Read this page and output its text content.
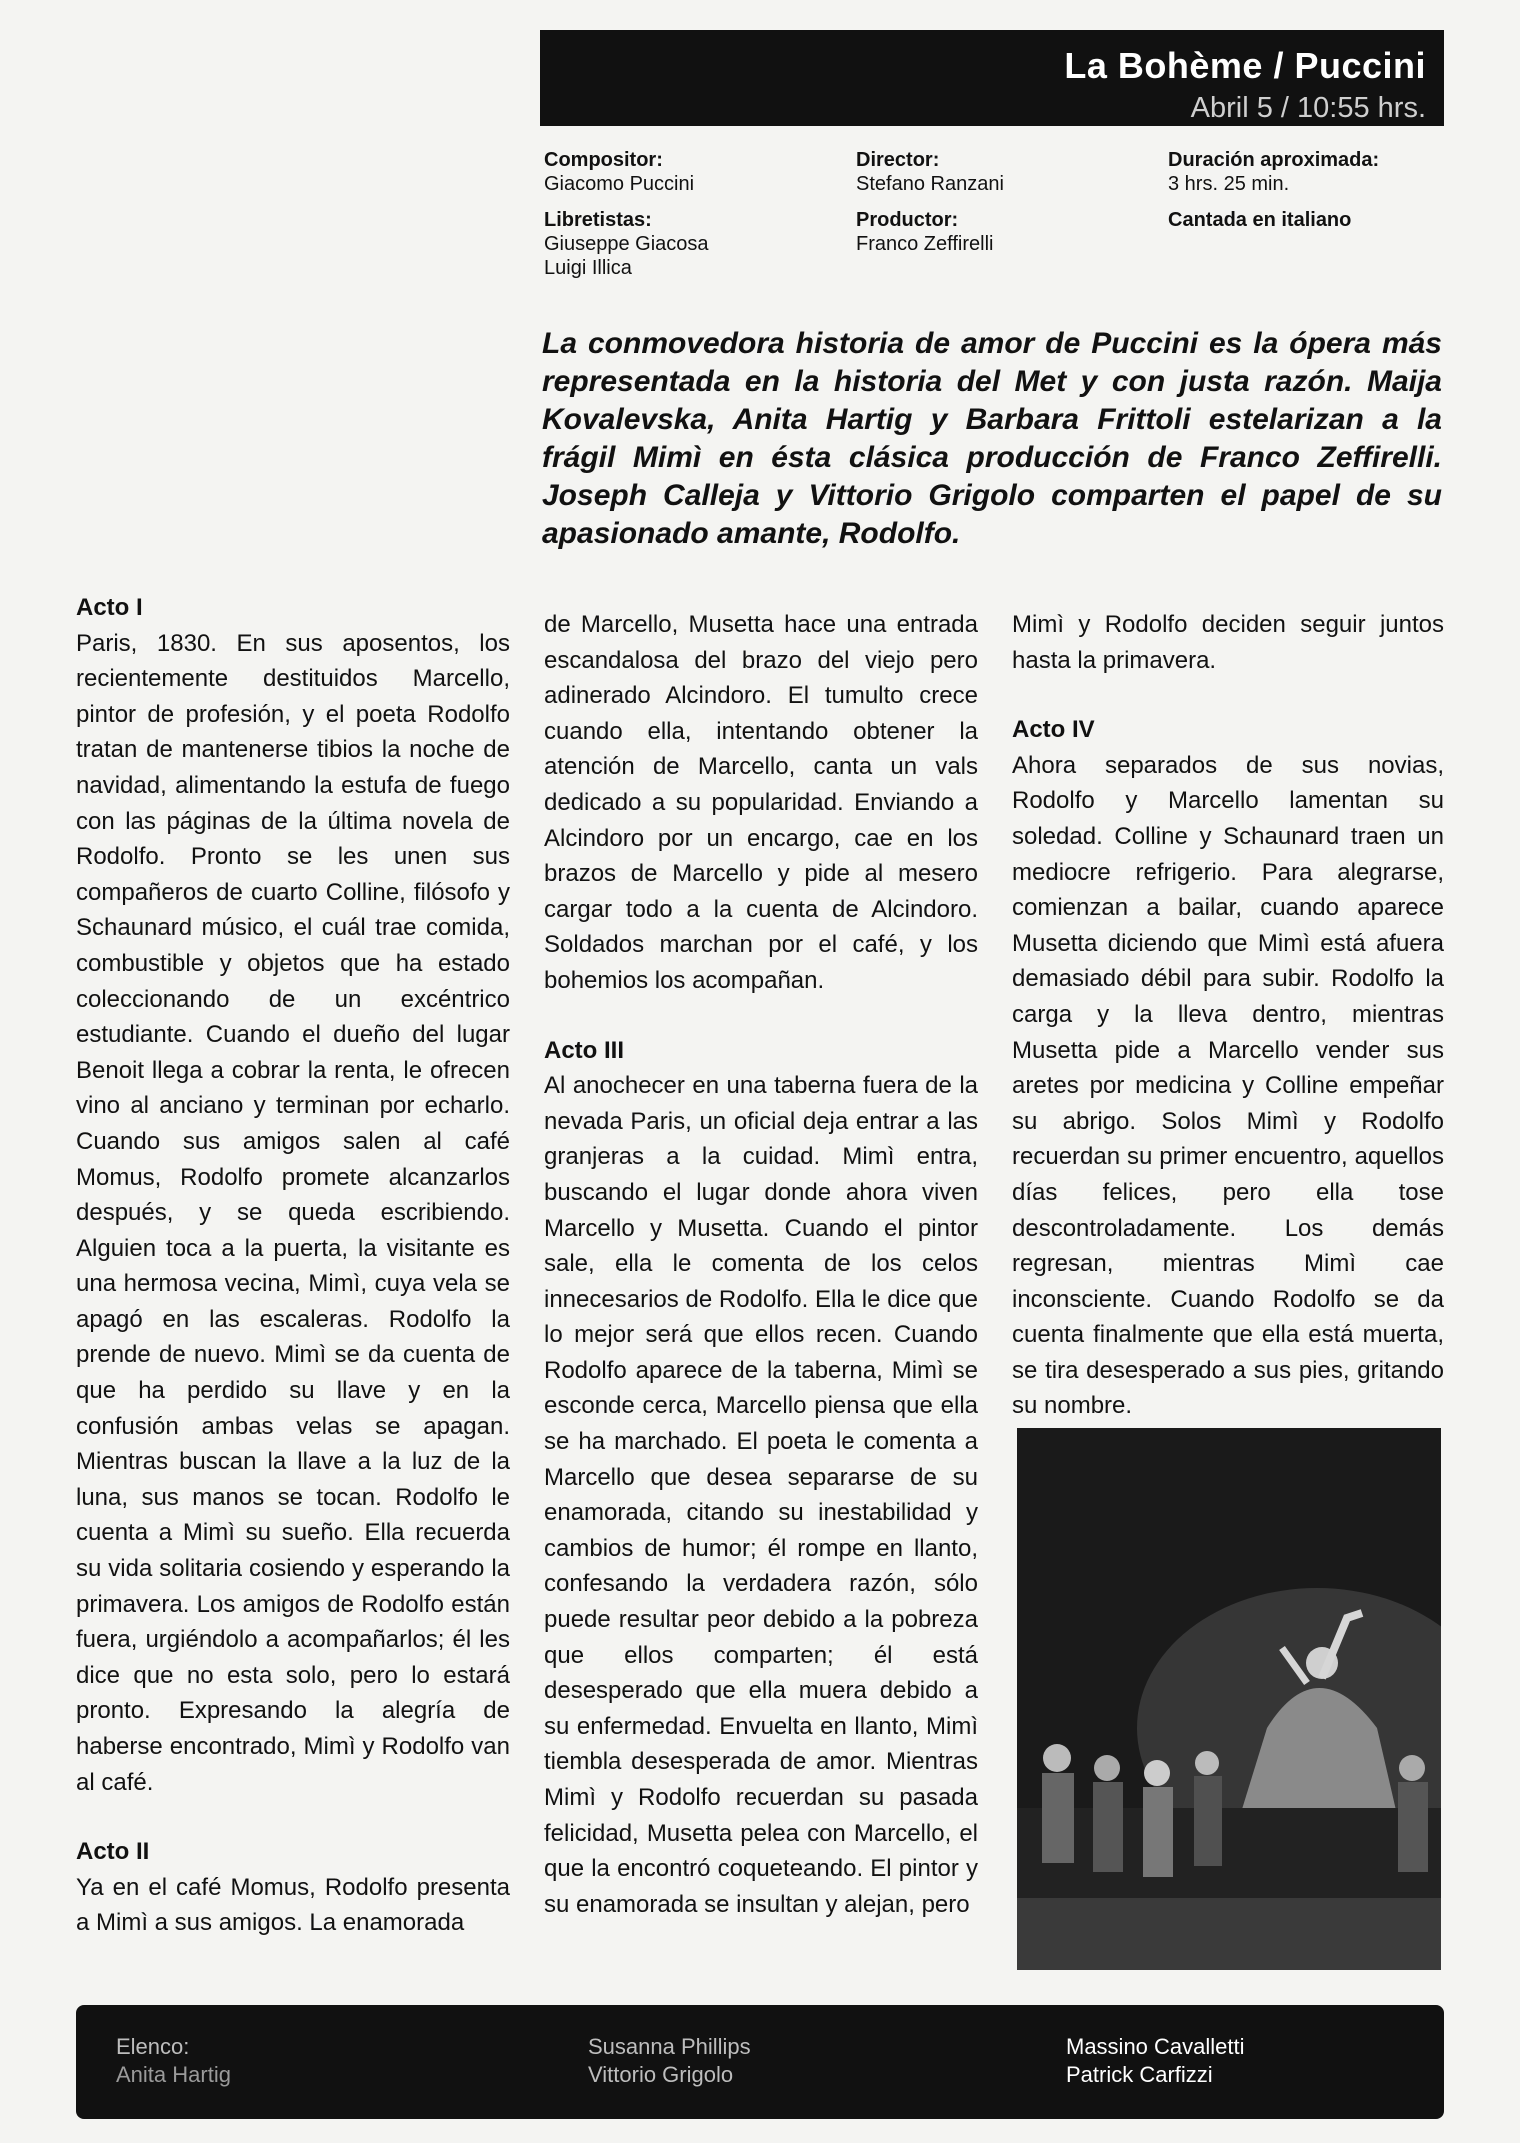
La Bohème / Puccini
Abril 5 / 10:55 hrs.
Compositor:
Giacomo Puccini
Libretistas:
Giuseppe Giacosa
Luigi Illica
Director:
Stefano Ranzani
Productor:
Franco Zeffirelli
Duración aproximada:
3 hrs. 25 min.
Cantada en italiano
La conmovedora historia de amor de Puccini es la ópera más representada en la historia del Met y con justa razón. Maija Kovalevska, Anita Hartig y Barbara Frittoli estelarizan a la frágil Mimì en ésta clásica producción de Franco Zeffirelli. Joseph Calleja y Vittorio Grigolo comparten el papel de su apasionado amante, Rodolfo.

Acto I

Paris, 1830. En sus aposentos, los recientemente destituidos Marcello, pintor de profesión, y el poeta Rodolfo tratan de mantenerse tibios la noche de navidad, alimentando la estufa de fuego con las páginas de la última novela de Rodolfo. Pronto se les unen sus compañeros de cuarto Colline, filósofo y Schaunard músico, el cuál trae comida, combustible y objetos que ha estado coleccionando de un excéntrico estudiante. Cuando el dueño del lugar Benoit llega a cobrar la renta, le ofrecen vino al anciano y terminan por echarlo. Cuando sus amigos salen al café Momus, Rodolfo promete alcanzarlos después, y se queda escribiendo. Alguien toca a la puerta, la visitante es una hermosa vecina, Mimì, cuya vela se apagó en las escaleras. Rodolfo la prende de nuevo. Mimì se da cuenta de que ha perdido su llave y en la confusión ambas velas se apagan. Mientras buscan la llave a la luz de la luna, sus manos se tocan. Rodolfo le cuenta a Mimì su sueño. Ella recuerda su vida solitaria cosiendo y esperando la primavera. Los amigos de Rodolfo están fuera, urgiéndolo a acompañarlos; él les dice que no esta solo, pero lo estará pronto. Expresando la alegría de haberse encontrado, Mimì y Rodolfo van al café.

Acto II

Ya en el café Momus, Rodolfo presenta a Mimì a sus amigos. La enamorada

de Marcello, Musetta hace una entrada escandalosa del brazo del viejo pero adinerado Alcindoro. El tumulto crece cuando ella, intentando obtener la atención de Marcello, canta un vals dedicado a su popularidad. Enviando a Alcindoro por un encargo, cae en los brazos de Marcello y pide al mesero cargar todo a la cuenta de Alcindoro. Soldados marchan por el café, y los bohemios los acompañan.

Acto III

Al anochecer en una taberna fuera de la nevada Paris, un oficial deja entrar a las granjeras a la cuidad. Mimì entra, buscando el lugar donde ahora viven Marcello y Musetta. Cuando el pintor sale, ella le comenta de los celos innecesarios de Rodolfo. Ella le dice que lo mejor será que ellos recen. Cuando Rodolfo aparece de la taberna, Mimì se esconde cerca, Marcello piensa que ella se ha marchado. El poeta le comenta a Marcello que desea separarse de su enamorada, citando su inestabilidad y cambios de humor; él rompe en llanto, confesando la verdadera razón, sólo puede resultar peor debido a la pobreza que ellos comparten; él está desesperado que ella muera debido a su enfermedad. Envuelta en llanto, Mimì tiembla desesperada de amor. Mientras Mimì y Rodolfo recuerdan su pasada felicidad, Musetta pelea con Marcello, el que la encontró coqueteando. El pintor y su enamorada se insultan y alejan, pero

Mimì y Rodolfo deciden seguir juntos hasta la primavera.

Acto IV

Ahora separados de sus novias, Rodolfo y Marcello lamentan su soledad. Colline y Schaunard traen un mediocre refrigerio. Para alegrarse, comienzan a bailar, cuando aparece Musetta diciendo que Mimì está afuera demasiado débil para subir. Rodolfo la carga y la lleva dentro, mientras Musetta pide a Marcello vender sus aretes por medicina y Colline empeñar su abrigo. Solos Mimì y Rodolfo recuerdan su primer encuentro, aquellos días felices, pero ella tose descontroladamente. Los demás regresan, mientras Mimì cae inconsciente. Cuando Rodolfo se da cuenta finalmente que ella está muerta, se tira desesperado a sus pies, gritando su nombre.

Elenco:
Anita Hartig
Susanna Phillips
Vittorio Grigolo
Massino Cavalletti
Patrick Carfizzi
